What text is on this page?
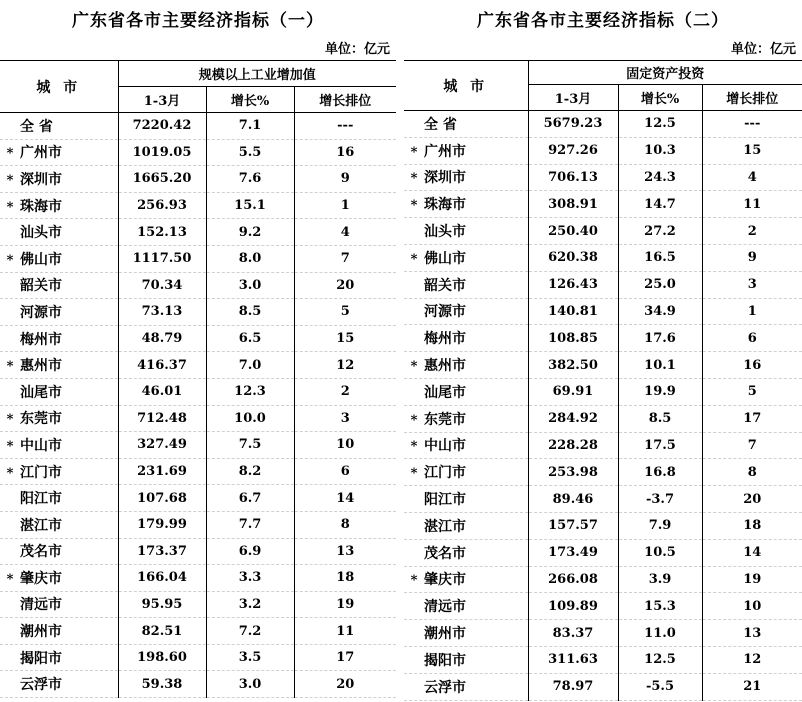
广东省各市主要经济指标（一）
单位：亿元
城 市	规模以上工业增加值		
	1-3月	增长%	增长排位
全 省	7220.42	7.1	---
* 广州市	1019.05	5.5	16
* 深圳市	1665.20	7.6	9
* 珠海市	256.93	15.1	1
汕头市	152.13	9.2	4
* 佛山市	1117.50	8.0	7
韶关市	70.34	3.0	20
河源市	73.13	8.5	5
梅州市	48.79	6.5	15
* 惠州市	416.37	7.0	12
汕尾市	46.01	12.3	2
* 东莞市	712.48	10.0	3
* 中山市	327.49	7.5	10
* 江门市	231.69	8.2	6
阳江市	107.68	6.7	14
湛江市	179.99	7.7	8
茂名市	173.37	6.9	13
* 肇庆市	166.04	3.3	18
清远市	95.95	3.2	19
潮州市	82.51	7.2	11
揭阳市	198.60	3.5	17
云浮市	59.38	3.0	20
广东省各市主要经济指标（二）
单位：亿元
城 市	固定资产投资		
	1-3月	增长%	增长排位
全 省	5679.23	12.5	---
* 广州市	927.26	10.3	15
* 深圳市	706.13	24.3	4
* 珠海市	308.91	14.7	11
汕头市	250.40	27.2	2
* 佛山市	620.38	16.5	9
韶关市	126.43	25.0	3
河源市	140.81	34.9	1
梅州市	108.85	17.6	6
* 惠州市	382.50	10.1	16
汕尾市	69.91	19.9	5
* 东莞市	284.92	8.5	17
* 中山市	228.28	17.5	7
* 江门市	253.98	16.8	8
阳江市	89.46	-3.7	20
湛江市	157.57	7.9	18
茂名市	173.49	10.5	14
* 肇庆市	266.08	3.9	19
清远市	109.89	15.3	10
潮州市	83.37	11.0	13
揭阳市	311.63	12.5	12
云浮市	78.97	-5.5	21
